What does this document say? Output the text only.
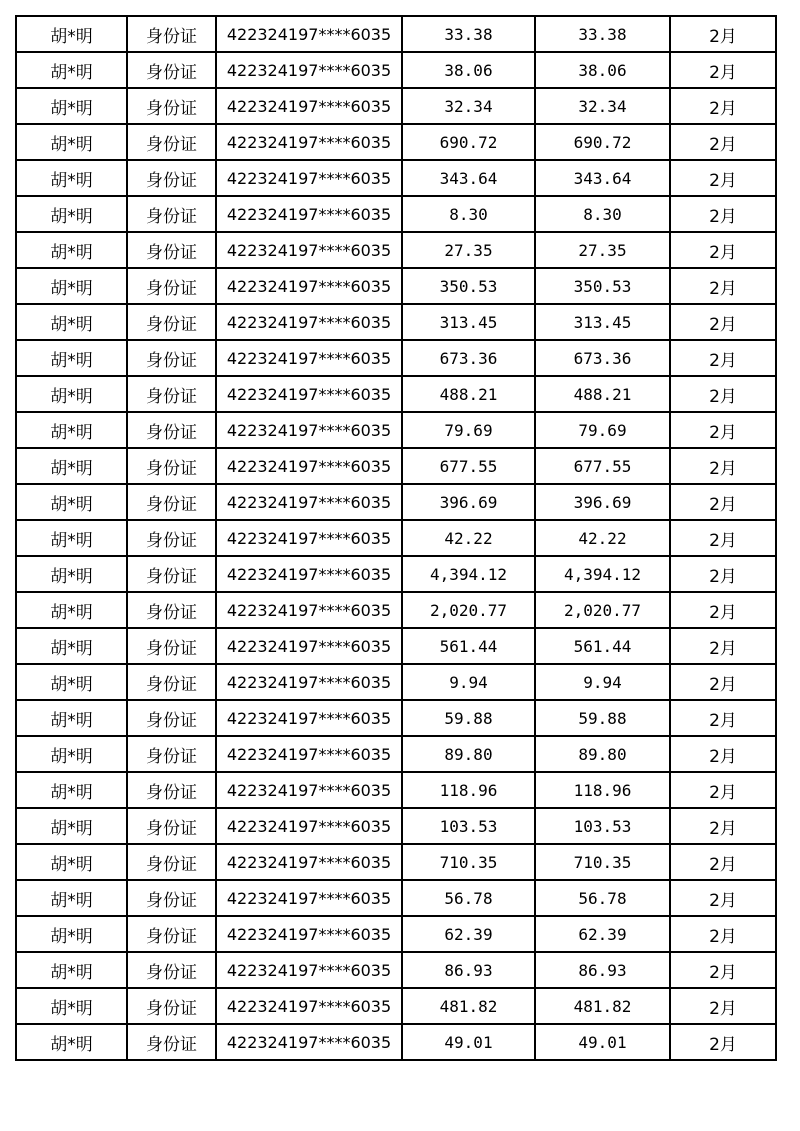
胡*明	身份证	422324197****6035	33.38	33.38	2月
胡*明	身份证	422324197****6035	38.06	38.06	2月
胡*明	身份证	422324197****6035	32.34	32.34	2月
胡*明	身份证	422324197****6035	690.72	690.72	2月
胡*明	身份证	422324197****6035	343.64	343.64	2月
胡*明	身份证	422324197****6035	8.30	8.30	2月
胡*明	身份证	422324197****6035	27.35	27.35	2月
胡*明	身份证	422324197****6035	350.53	350.53	2月
胡*明	身份证	422324197****6035	313.45	313.45	2月
胡*明	身份证	422324197****6035	673.36	673.36	2月
胡*明	身份证	422324197****6035	488.21	488.21	2月
胡*明	身份证	422324197****6035	79.69	79.69	2月
胡*明	身份证	422324197****6035	677.55	677.55	2月
胡*明	身份证	422324197****6035	396.69	396.69	2月
胡*明	身份证	422324197****6035	42.22	42.22	2月
胡*明	身份证	422324197****6035	4,394.12	4,394.12	2月
胡*明	身份证	422324197****6035	2,020.77	2,020.77	2月
胡*明	身份证	422324197****6035	561.44	561.44	2月
胡*明	身份证	422324197****6035	9.94	9.94	2月
胡*明	身份证	422324197****6035	59.88	59.88	2月
胡*明	身份证	422324197****6035	89.80	89.80	2月
胡*明	身份证	422324197****6035	118.96	118.96	2月
胡*明	身份证	422324197****6035	103.53	103.53	2月
胡*明	身份证	422324197****6035	710.35	710.35	2月
胡*明	身份证	422324197****6035	56.78	56.78	2月
胡*明	身份证	422324197****6035	62.39	62.39	2月
胡*明	身份证	422324197****6035	86.93	86.93	2月
胡*明	身份证	422324197****6035	481.82	481.82	2月
胡*明	身份证	422324197****6035	49.01	49.01	2月
